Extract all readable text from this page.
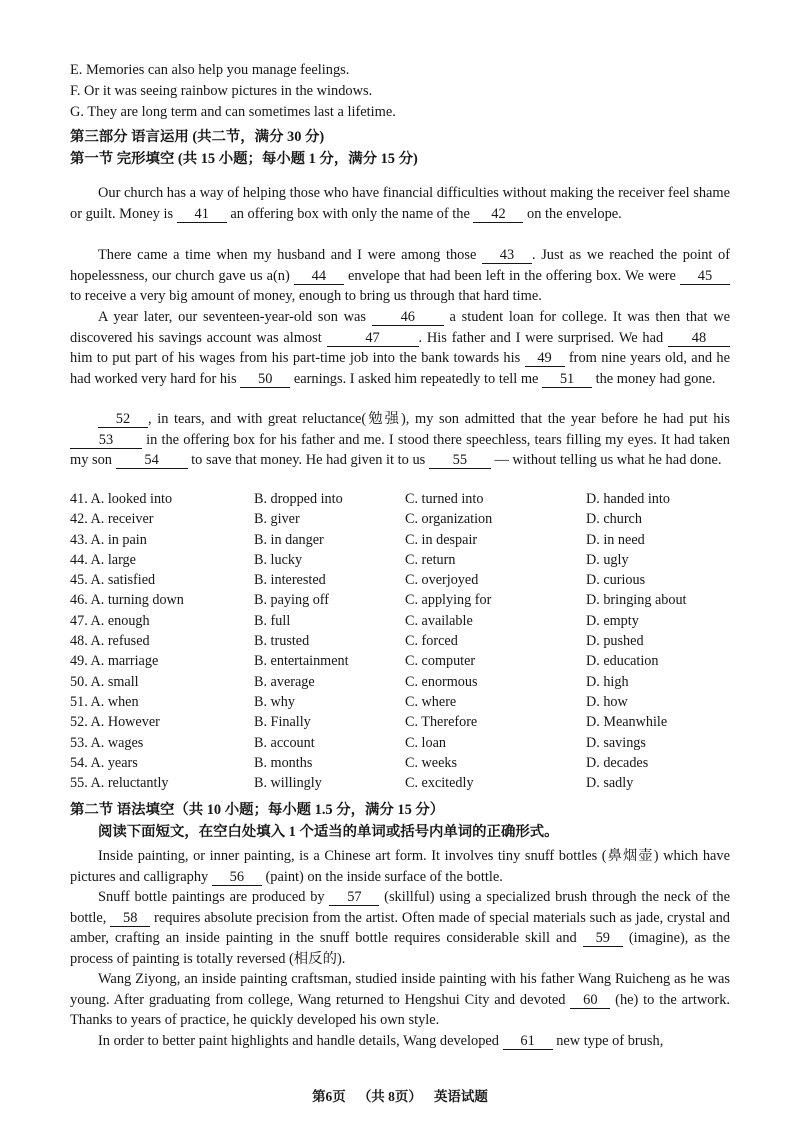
E. Memories can also help you manage feelings.
F. Or it was seeing rainbow pictures in the windows.
G. They are long term and can sometimes last a lifetime.
第三部分 语言运用 (共二节，满分 30 分)
第一节 完形填空 (共 15 小题；每小题 1 分，满分 15 分)
Our church has a way of helping those who have financial difficulties without making the receiver feel shame or guilt. Money is 41 an offering box with only the name of the 42 on the envelope.
There came a time when my husband and I were among those 43 . Just as we reached the point of hopelessness, our church gave us a(n) 44 envelope that had been left in the offering box. We were 45 to receive a very big amount of money, enough to bring us through that hard time.
A year later, our seventeen-year-old son was 46 a student loan for college. It was then that we discovered his savings account was almost	47	. His father and I were surprised. We had 48 him to put part of his wages from his part-time job into the bank towards his 49 from nine years old, and he had worked very hard for his 50 earnings. I asked him repeatedly to tell me 51 the money had gone.
52 , in tears, and with great reluctance(勉强), my son admitted that the year before he had put his 53 in the offering box for his father and me. I stood there speechless, tears filling my eyes. It had taken my son 54 to save that money. He had given it to us 55 — without telling us what he had done.
41. A. looked into	B. dropped into	C. turned into	D. handed into
42. A. receiver	B. giver	C. organization	D. church
43. A. in pain	B. in danger	C. in despair	D. in need
44. A. large	B. lucky	C. return	D. ugly
45. A. satisfied	B. interested	C. overjoyed	D. curious
46. A. turning down	B. paying off	C. applying for	D. bringing about
47. A. enough	B. full	C. available	D. empty
48. A. refused	B. trusted	C. forced	D. pushed
49. A. marriage	B. entertainment	C. computer	D. education
50. A. small	B. average	C. enormous	D. high
51. A. when	B. why	C. where	D. how
52. A. However	B. Finally	C. Therefore	D. Meanwhile
53. A. wages	B. account	C. loan	D. savings
54. A. years	B. months	C. weeks	D. decades
55. A. reluctantly	B. willingly	C. excitedly	D. sadly
第二节 语法填空（共 10 小题；每小题 1.5 分，满分 15 分）
阅读下面短文，在空白处填入 1 个适当的单词或括号内单词的正确形式。
Inside painting, or inner painting, is a Chinese art form. It involves tiny snuff bottles (鼻烟壶) which have pictures and calligraphy 56 (paint) on the inside surface of the bottle.
Snuff bottle paintings are produced by 57 (skillful) using a specialized brush through the neck of the bottle, 58 requires absolute precision from the artist. Often made of special materials such as jade, crystal and amber, crafting an inside painting in the snuff bottle requires considerable skill and 59 (imagine), as the process of painting is totally reversed (相反的).
Wang Ziyong, an inside painting craftsman, studied inside painting with his father Wang Ruicheng as he was young. After graduating from college, Wang returned to Hengshui City and devoted 60 (he) to the artwork. Thanks to years of practice, he quickly developed his own style.
In order to better paint highlights and handle details, Wang developed 61 new type of brush,
第6页 （共 8页） 英语试题
